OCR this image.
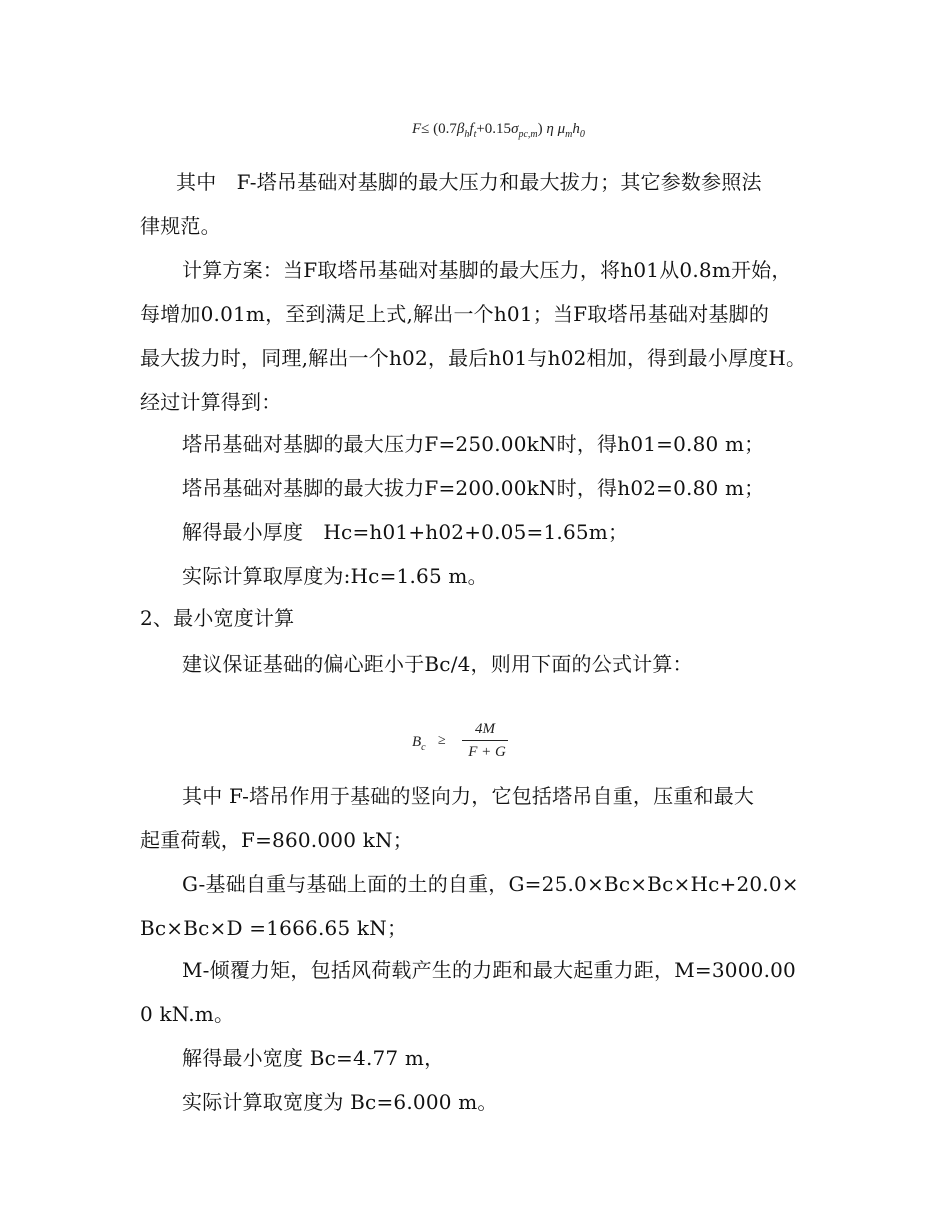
$F\le (0.7\beta_hf_t+0.15\sigma_{pc,m})$ η $\mu_mh_0$
其中　F-塔吊基础对基脚的最大压力和最大拔力；其它参数参照法
律规范。
计算方案：当F取塔吊基础对基脚的最大压力，将h01从0.8m开始，
每增加0.01m，至到满足上式,解出一个h01；当F取塔吊基础对基脚的
最大拔力时，同理,解出一个h02，最后h01与h02相加，得到最小厚度H。
经过计算得到：
塔吊基础对基脚的最大压力F=250.00kN时，得h01=0.80 m；
塔吊基础对基脚的最大拔力F=200.00kN时，得h02=0.80 m；
解得最小厚度　Hc=h01+h02+0.05=1.65m；
实际计算取厚度为:Hc=1.65 m。
2、最小宽度计算
建议保证基础的偏心距小于Bc/4，则用下面的公式计算：
$B_c$ ≥
4M
F + G
其中 F-塔吊作用于基础的竖向力，它包括塔吊自重，压重和最大
起重荷载，F=860.000 kN；
G-基础自重与基础上面的土的自重，G=25.0×Bc×Bc×Hc+20.0×
Bc×Bc×D =1666.65 kN；
M-倾覆力矩，包括风荷载产生的力距和最大起重力距，M=3000.00
0 kN.m。
解得最小宽度 Bc=4.77 m，
实际计算取宽度为 Bc=6.000 m。
